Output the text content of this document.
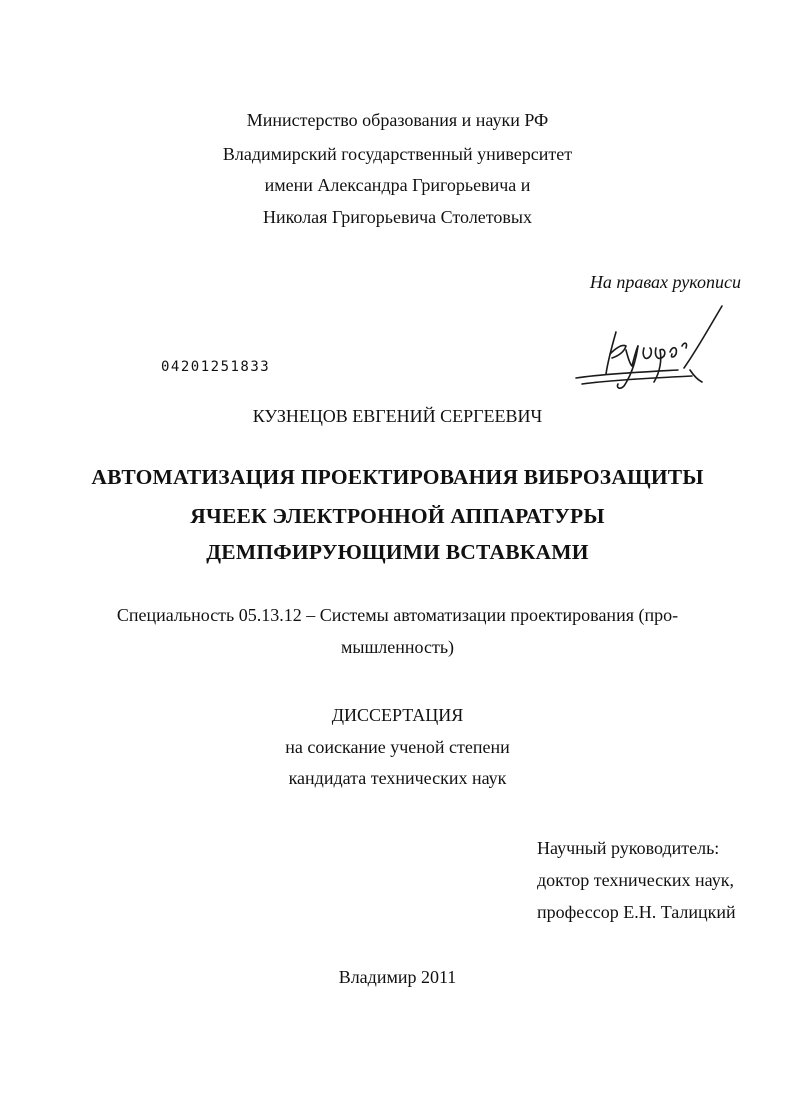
Министерство образования и науки РФ
Владимирский государственный университет
имени Александра Григорьевича и
Николая Григорьевича Столетовых
На правах рукописи
04201251833
КУЗНЕЦОВ ЕВГЕНИЙ СЕРГЕЕВИЧ
АВТОМАТИЗАЦИЯ ПРОЕКТИРОВАНИЯ ВИБРОЗАЩИТЫ
ЯЧЕЕК ЭЛЕКТРОННОЙ АППАРАТУРЫ
ДЕМПФИРУЮЩИМИ ВСТАВКАМИ
Специальность 05.13.12 – Системы автоматизации проектирования (про-
мышленность)
ДИССЕРТАЦИЯ
на соискание ученой степени
кандидата технических наук
Научный руководитель:
доктор технических наук,
профессор Е.Н. Талицкий
Владимир 2011
